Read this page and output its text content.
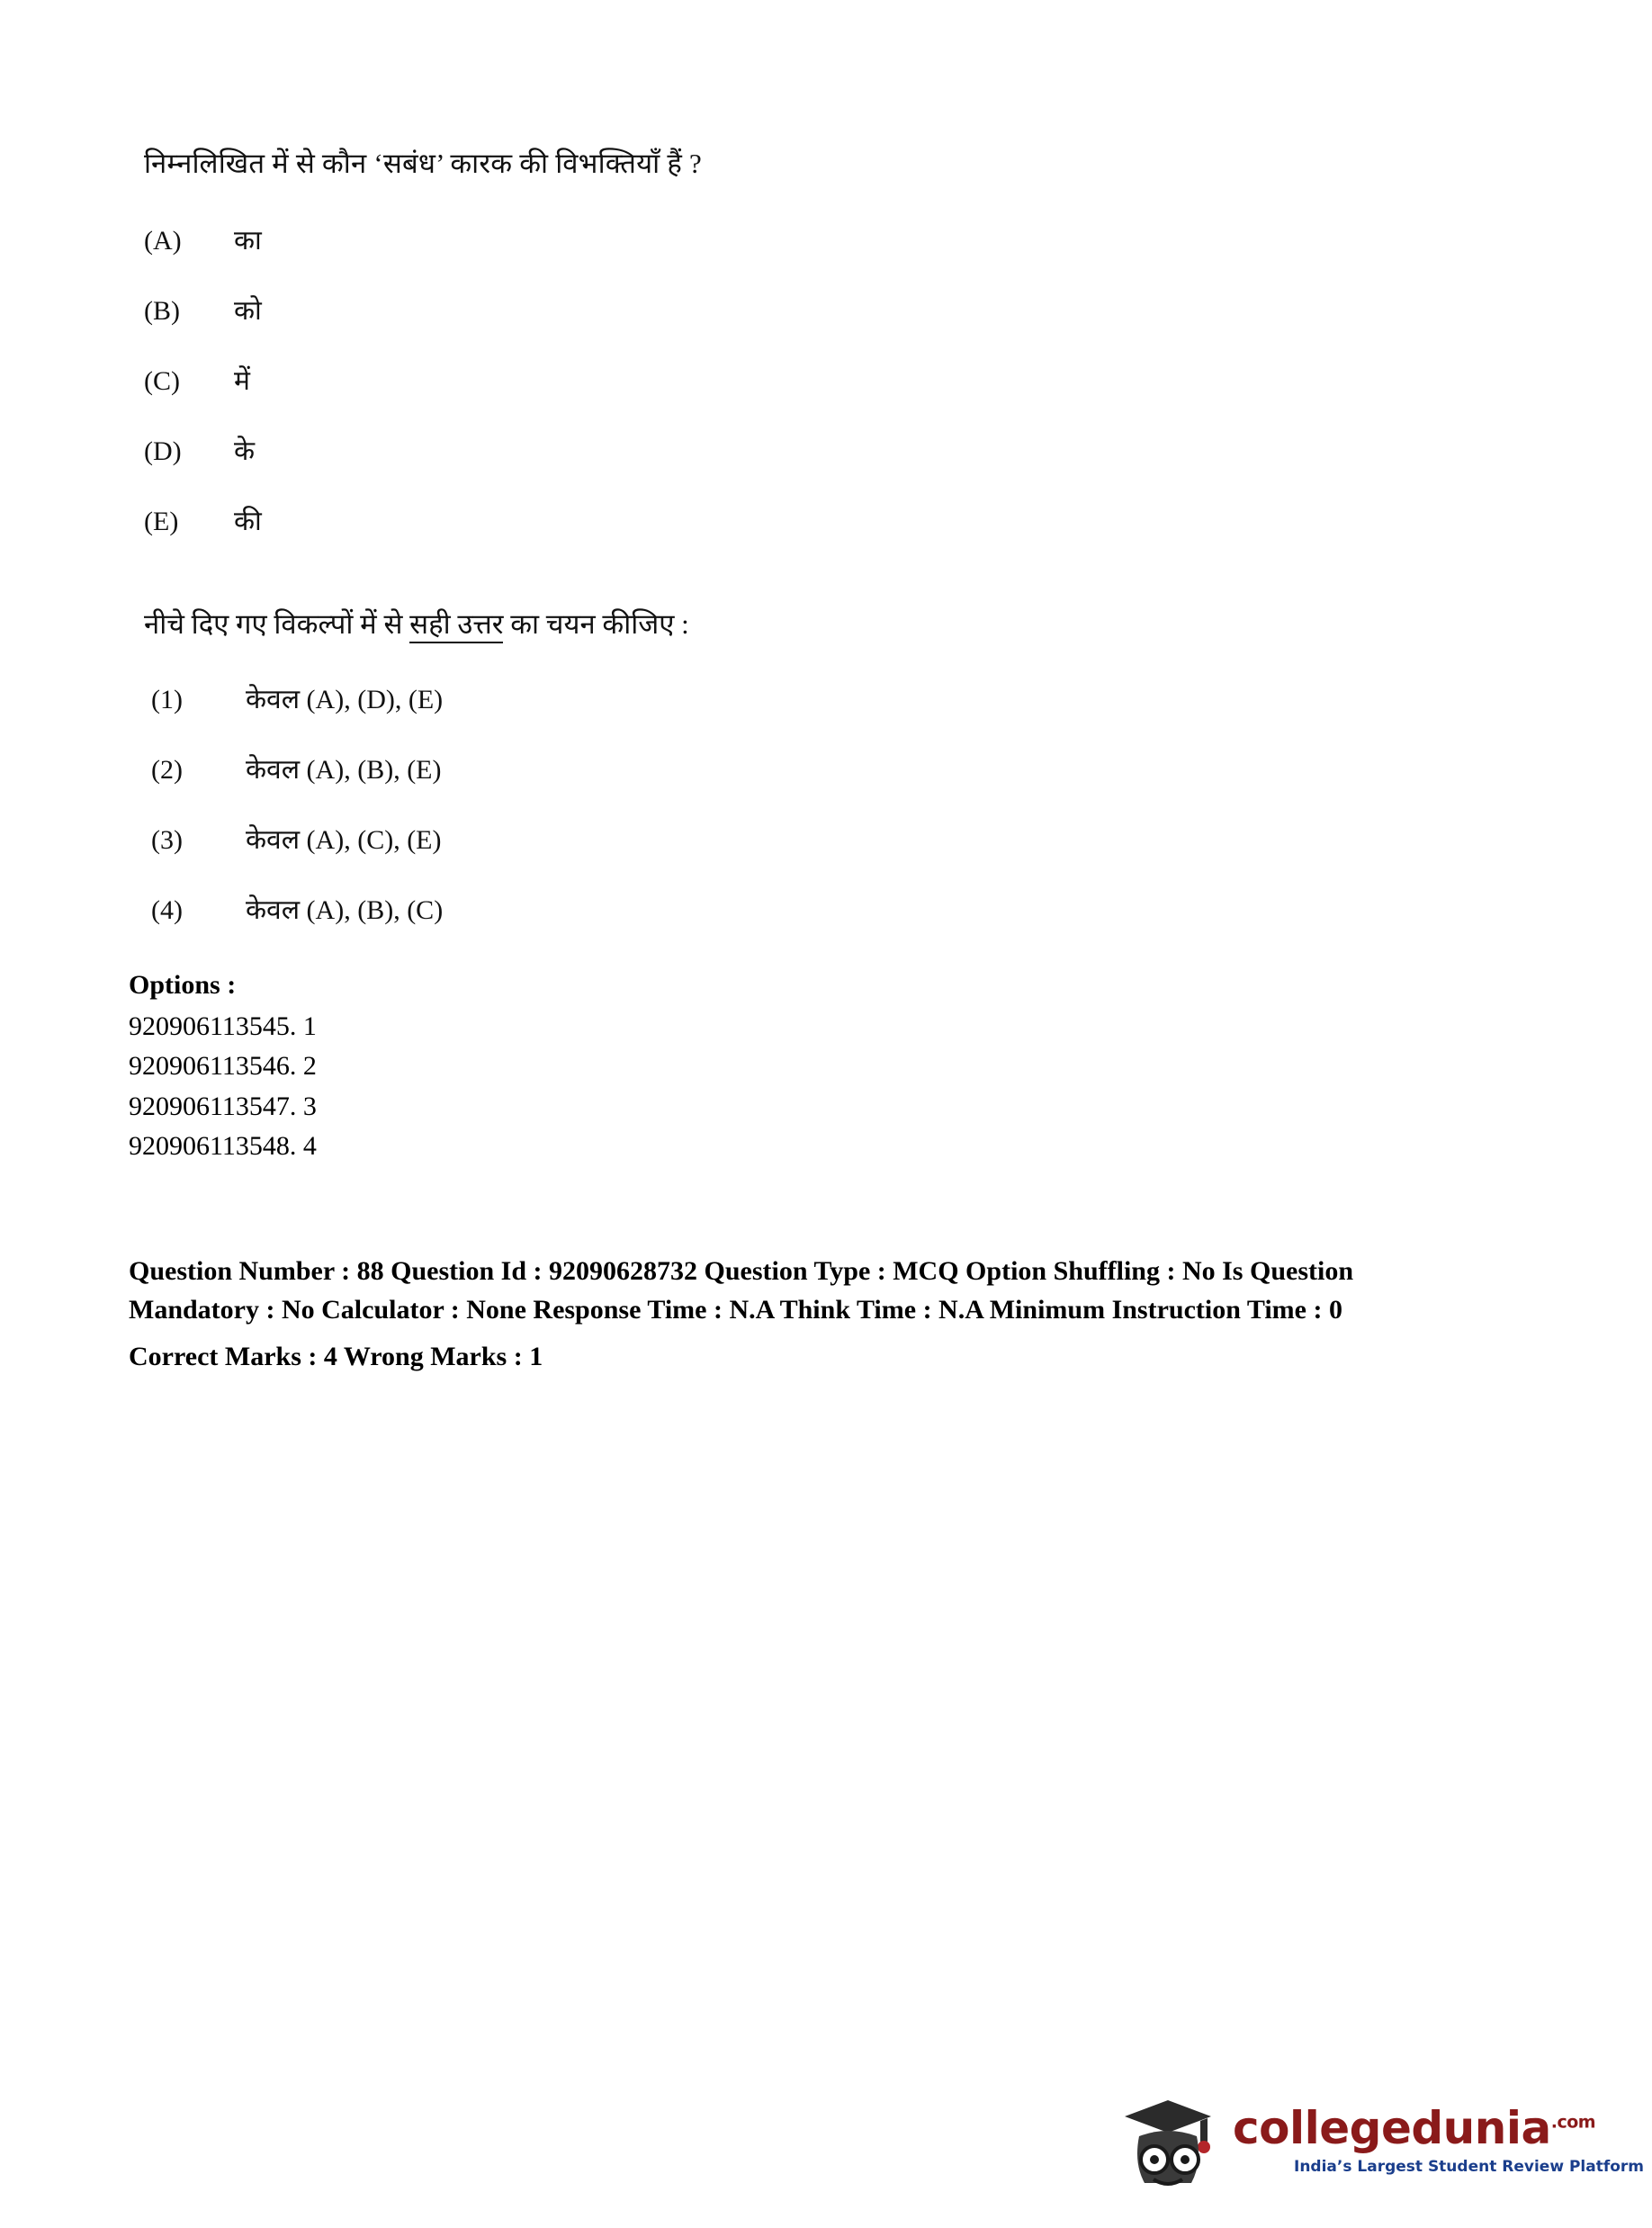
निम्नलिखित में से कौन ‘सबंध’ कारक की विभक्तियाँ हैं ?
(A)	का
(B)	को
(C)	में
(D)	के
(E)	की
नीचे दिए गए विकल्पों में से सही उत्तर का चयन कीजिए :
(1)	केवल (A), (D), (E)
(2)	केवल (A), (B), (E)
(3)	केवल (A), (C), (E)
(4)	केवल (A), (B), (C)
Options :
920906113545. 1
920906113546. 2
920906113547. 3
920906113548. 4
Question Number : 88 Question Id : 92090628732 Question Type : MCQ Option Shuffling : No Is Question Mandatory : No Calculator : None Response Time : N.A Think Time : N.A Minimum Instruction Time : 0
Correct Marks : 4 Wrong Marks : 1
collegedunia$^{.com}$
India’s Largest Student Review Platform
